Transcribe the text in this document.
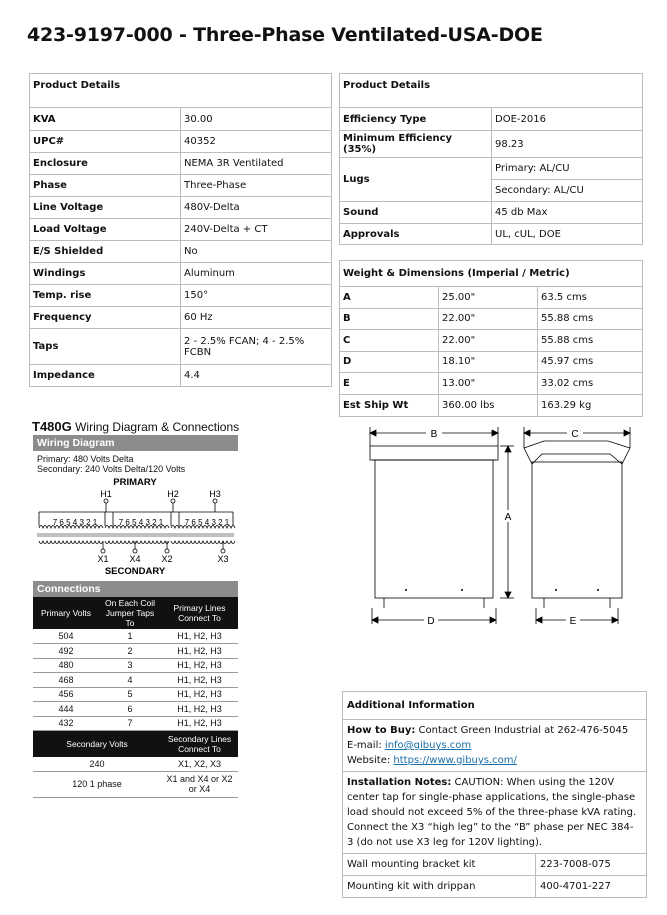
423-9197-000 - Three-Phase Ventilated-USA-DOE
Product Details	
KVA	30.00
UPC#	40352
Enclosure	NEMA 3R Ventilated
Phase	Three-Phase
Line Voltage	480V-Delta
Load Voltage	240V-Delta + CT
E/S Shielded	No
Windings	Aluminum
Temp. rise	150°
Frequency	60 Hz
Taps	2 - 2.5% FCAN; 4 - 2.5% FCBN
Impedance	4.4
Product Details	
Efficiency Type	DOE-2016
Minimum Efficiency (35%)	98.23
Lugs	Primary: AL/CU
	Secondary: AL/CU
Sound	45 db Max
Approvals	UL, cUL, DOE
Weight & Dimensions (Imperial / Metric)		
A	25.00"	63.5 cms
B	22.00"	55.88 cms
C	22.00"	55.88 cms
D	18.10"	45.97 cms
E	13.00"	33.02 cms
Est Ship Wt	360.00 lbs	163.29 kg
T480G Wiring Diagram & Connections
Wiring Diagram
Primary: 480 Volts Delta
Secondary: 240 Volts Delta/120 Volts
PRIMARY
H1	H2	H3
7 6 5 4 3 2 1	7 6 5 4 3 2 1	7 6 5 4 3 2 1
X1 X4 X2	X3
SECONDARY
Connections
Primary Volts	On Each Coil Jumper Taps To	Primary Lines Connect To
504	1	H1, H2, H3
492	2	H1, H2, H3
480	3	H1, H2, H3
468	4	H1, H2, H3
456	5	H1, H2, H3
444	6	H1, H2, H3
432	7	H1, H2, H3
Secondary Volts		Secondary Lines Connect To
240		X1, X2, X3
120 1 phase		X1 and X4 or X2 or X4
B	C
A
D	E
Additional Information	
How to Buy: Contact Green Industrial at 262-476-5045
E-mail: info@gibuys.com
Website: https://www.gibuys.com/	
Installation Notes: CAUTION: When using the 120V center tap for single-phase applications, the single-phase load should not exceed 5% of the three-phase kVA rating. Connect the X3 “high leg” to the “B” phase per NEC 384- 3 (do not use X3 leg for 120V lighting).	
Wall mounting bracket kit	223-7008-075
Mounting kit with drippan	400-4701-227
